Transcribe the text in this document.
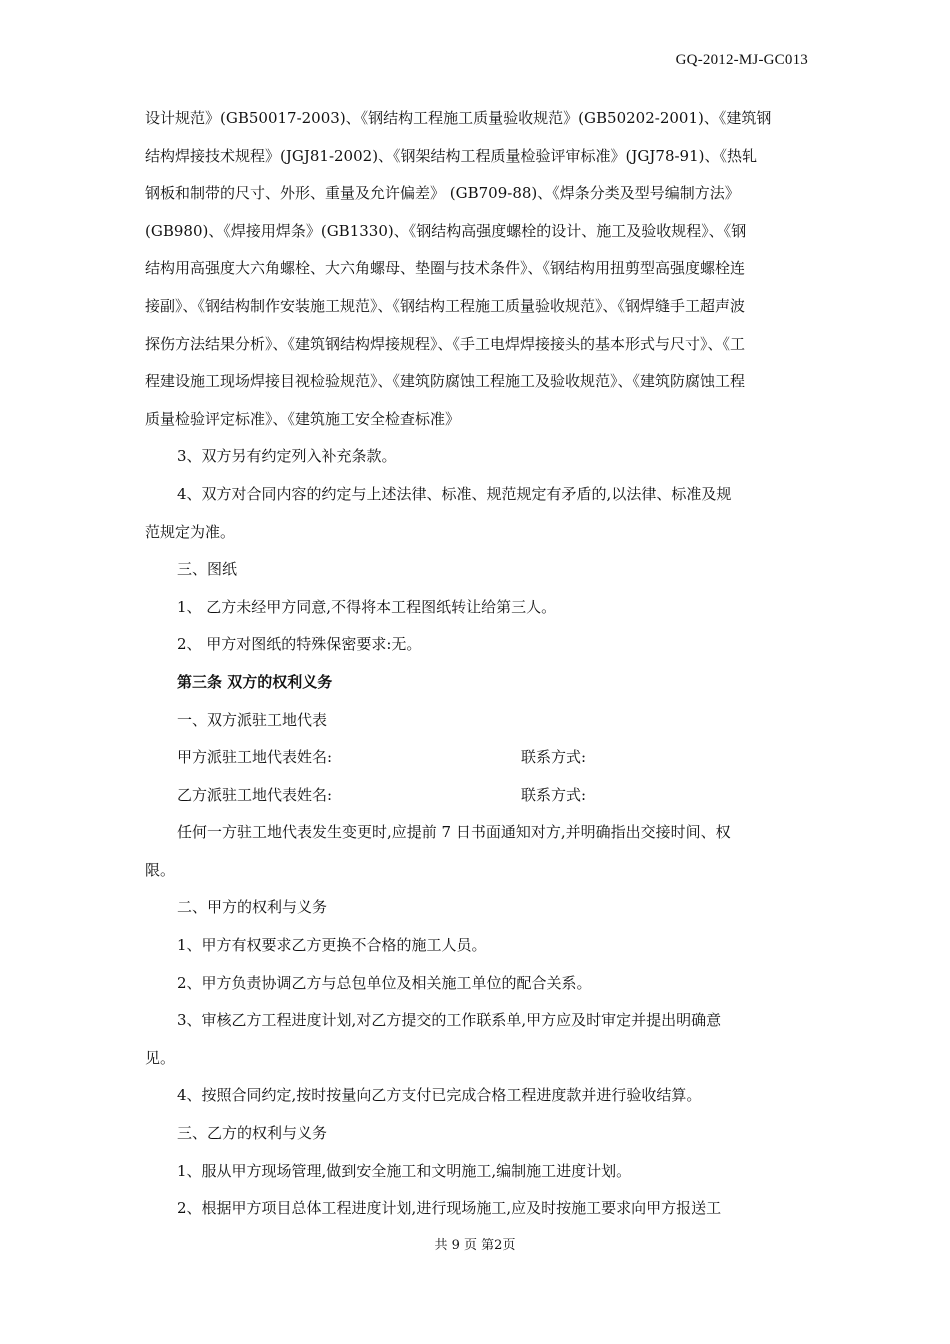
GQ-2012-MJ-GC013
设计规范》(GB50017-2003)、《钢结构工程施工质量验收规范》(GB50202-2001)、《建筑钢
结构焊接技术规程》(JGJ81-2002)、《钢架结构工程质量检验评审标准》(JGJ78-91)、《热轧
钢板和制带的尺寸、外形、重量及允许偏差》 (GB709-88)、《焊条分类及型号编制方法》
(GB980)、《焊接用焊条》(GB1330)、《钢结构高强度螺栓的设计、施工及验收规程》、《钢
结构用高强度大六角螺栓、大六角螺母、垫圈与技术条件》、《钢结构用扭剪型高强度螺栓连
接副》、《钢结构制作安装施工规范》、《钢结构工程施工质量验收规范》、《钢焊缝手工超声波
探伤方法结果分析》、《建筑钢结构焊接规程》、《手工电焊焊接接头的基本形式与尺寸》、《工
程建设施工现场焊接目视检验规范》、《建筑防腐蚀工程施工及验收规范》、《建筑防腐蚀工程
质量检验评定标准》、《建筑施工安全检查标准》
3、双方另有约定列入补充条款。
4、双方对合同内容的约定与上述法律、标准、规范规定有矛盾的,以法律、标准及规
范规定为准。
三、图纸
1、 乙方未经甲方同意,不得将本工程图纸转让给第三人。
2、 甲方对图纸的特殊保密要求:无。
第三条 双方的权利义务
一、双方派驻工地代表
甲方派驻工地代表姓名:	联系方式:
乙方派驻工地代表姓名:	联系方式:
任何一方驻工地代表发生变更时,应提前 7 日书面通知对方,并明确指出交接时间、权
限。
二、甲方的权利与义务
1、甲方有权要求乙方更换不合格的施工人员。
2、甲方负责协调乙方与总包单位及相关施工单位的配合关系。
3、审核乙方工程进度计划,对乙方提交的工作联系单,甲方应及时审定并提出明确意
见。
4、按照合同约定,按时按量向乙方支付已完成合格工程进度款并进行验收结算。
三、乙方的权利与义务
1、服从甲方现场管理,做到安全施工和文明施工,编制施工进度计划。
2、根据甲方项目总体工程进度计划,进行现场施工,应及时按施工要求向甲方报送工
共 9 页 第2页
